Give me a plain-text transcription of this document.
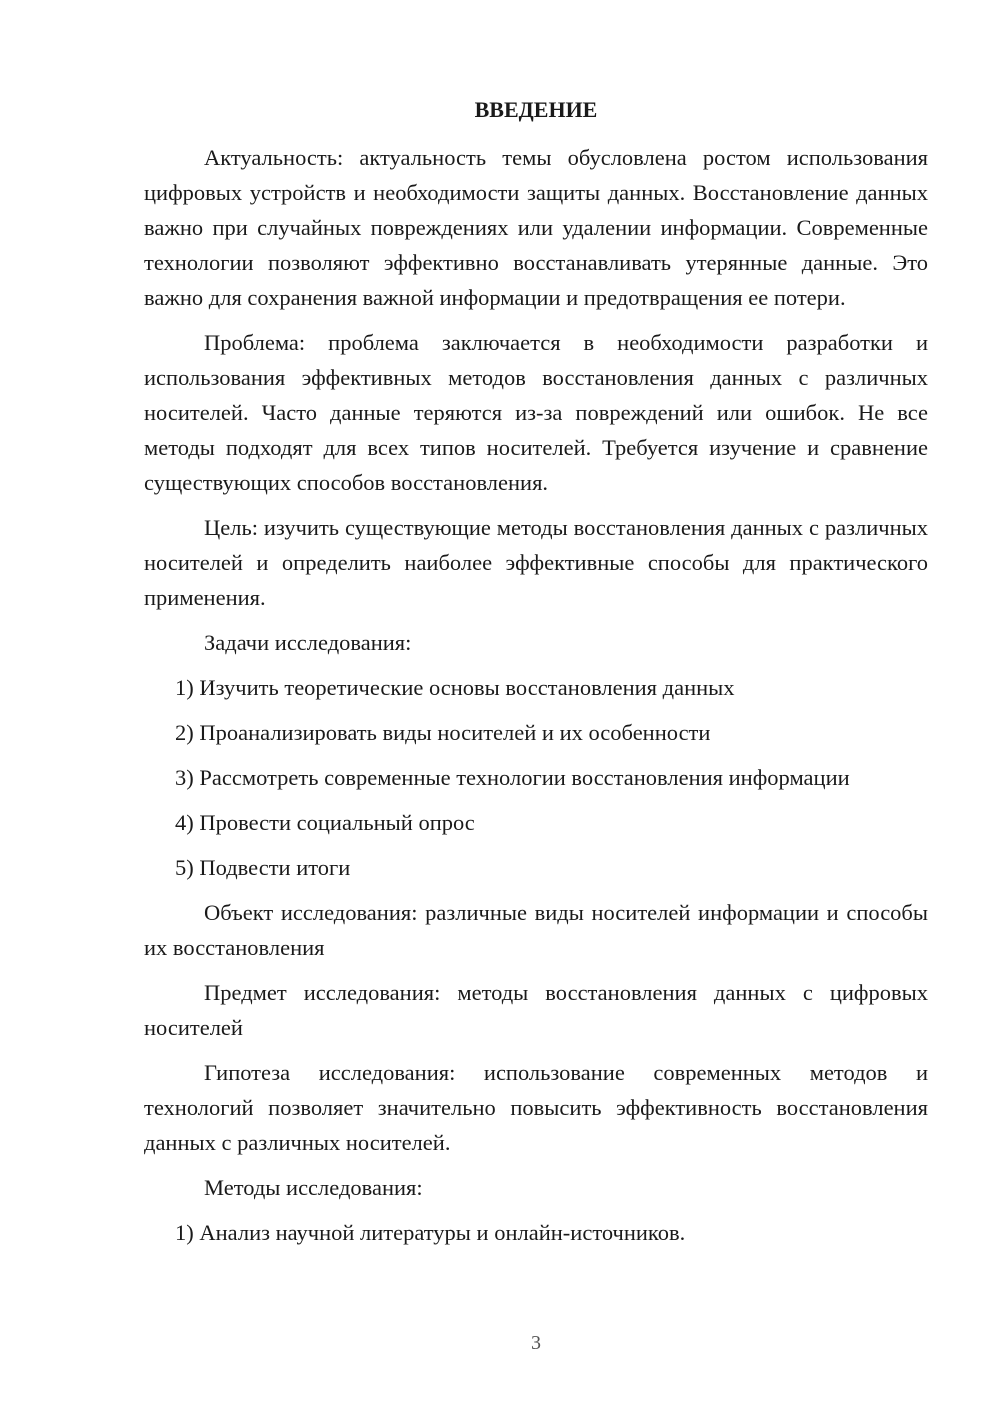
ВВЕДЕНИЕ

Актуальность: актуальность темы обусловлена ростом использования цифровых устройств и необходимости защиты данных. Восстановление данных важно при случайных повреждениях или удалении информации. Современные технологии позволяют эффективно восстанавливать утерянные данные. Это важно для сохранения важной информации и предотвращения ее потери.

Проблема: проблема заключается в необходимости разработки и использования эффективных методов восстановления данных с различных носителей. Часто данные теряются из-за повреждений или ошибок. Не все методы подходят для всех типов носителей. Требуется изучение и сравнение существующих способов восстановления.

Цель: изучить существующие методы восстановления данных с различных носителей и определить наиболее эффективные способы для практического применения.

Задачи исследования:

1) Изучить теоретические основы восстановления данных
2) Проанализировать виды носителей и их особенности
3) Рассмотреть современные технологии восстановления информации
4) Провести социальный опрос
5) Подвести итоги

Объект исследования: различные виды носителей информации и способы их восстановления

Предмет исследования: методы восстановления данных с цифровых носителей

Гипотеза исследования: использование современных методов и технологий позволяет значительно повысить эффективность восстановления данных с различных носителей.

Методы исследования:

1) Анализ научной литературы и онлайн-источников.
3
